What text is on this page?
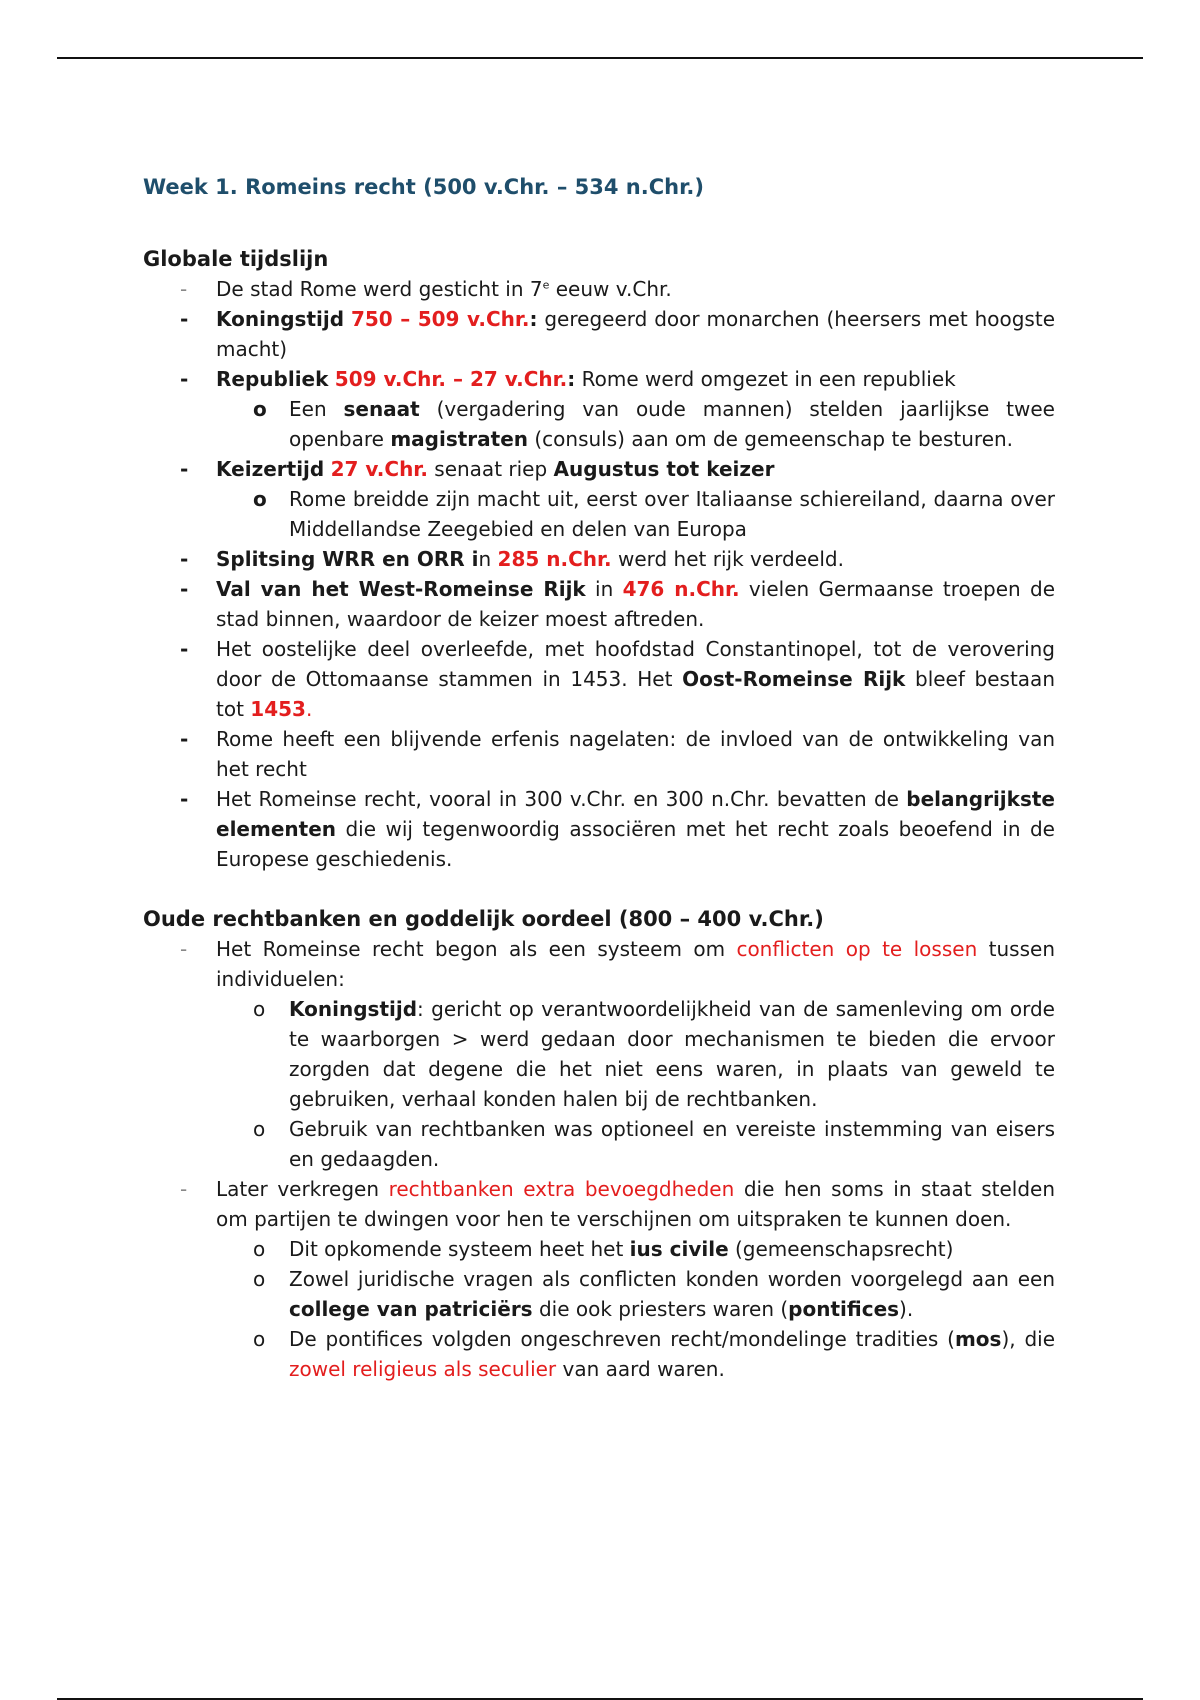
Week 1. Romeins recht (500 v.Chr. – 534 n.Chr.)
Globale tijdslijn
- De stad Rome werd gesticht in 7e eeuw v.Chr.
- Koningstijd 750 – 509 v.Chr.: geregeerd door monarchen (heersers met hoogste macht)
- Republiek 509 v.Chr. – 27 v.Chr.: Rome werd omgezet in een republiek
o Een senaat (vergadering van oude mannen) stelden jaarlijkse twee openbare magistraten (consuls) aan om de gemeenschap te besturen.
- Keizertijd 27 v.Chr. senaat riep Augustus tot keizer
o Rome breidde zijn macht uit, eerst over Italiaanse schiereiland, daarna over Middellandse Zeegebied en delen van Europa
- Splitsing WRR en ORR in 285 n.Chr. werd het rijk verdeeld.
- Val van het West-Romeinse Rijk in 476 n.Chr. vielen Germaanse troepen de stad binnen, waardoor de keizer moest aftreden.
- Het oostelijke deel overleefde, met hoofdstad Constantinopel, tot de verovering door de Ottomaanse stammen in 1453. Het Oost-Romeinse Rijk bleef bestaan tot 1453.
- Rome heeft een blijvende erfenis nagelaten: de invloed van de ontwikkeling van het recht
- Het Romeinse recht, vooral in 300 v.Chr. en 300 n.Chr. bevatten de belangrijkste elementen die wij tegenwoordig associëren met het recht zoals beoefend in de Europese geschiedenis.
Oude rechtbanken en goddelijk oordeel (800 – 400 v.Chr.)
- Het Romeinse recht begon als een systeem om conflicten op te lossen tussen individuelen:
o Koningstijd: gericht op verantwoordelijkheid van de samenleving om orde te waarborgen > werd gedaan door mechanismen te bieden die ervoor zorgden dat degene die het niet eens waren, in plaats van geweld te gebruiken, verhaal konden halen bij de rechtbanken.
o Gebruik van rechtbanken was optioneel en vereiste instemming van eisers en gedaagden.
- Later verkregen rechtbanken extra bevoegdheden die hen soms in staat stelden om partijen te dwingen voor hen te verschijnen om uitspraken te kunnen doen.
o Dit opkomende systeem heet het ius civile (gemeenschapsrecht)
o Zowel juridische vragen als conflicten konden worden voorgelegd aan een college van patriciërs die ook priesters waren (pontifices).
o De pontifices volgden ongeschreven recht/mondelinge tradities (mos), die zowel religieus als seculier van aard waren.
